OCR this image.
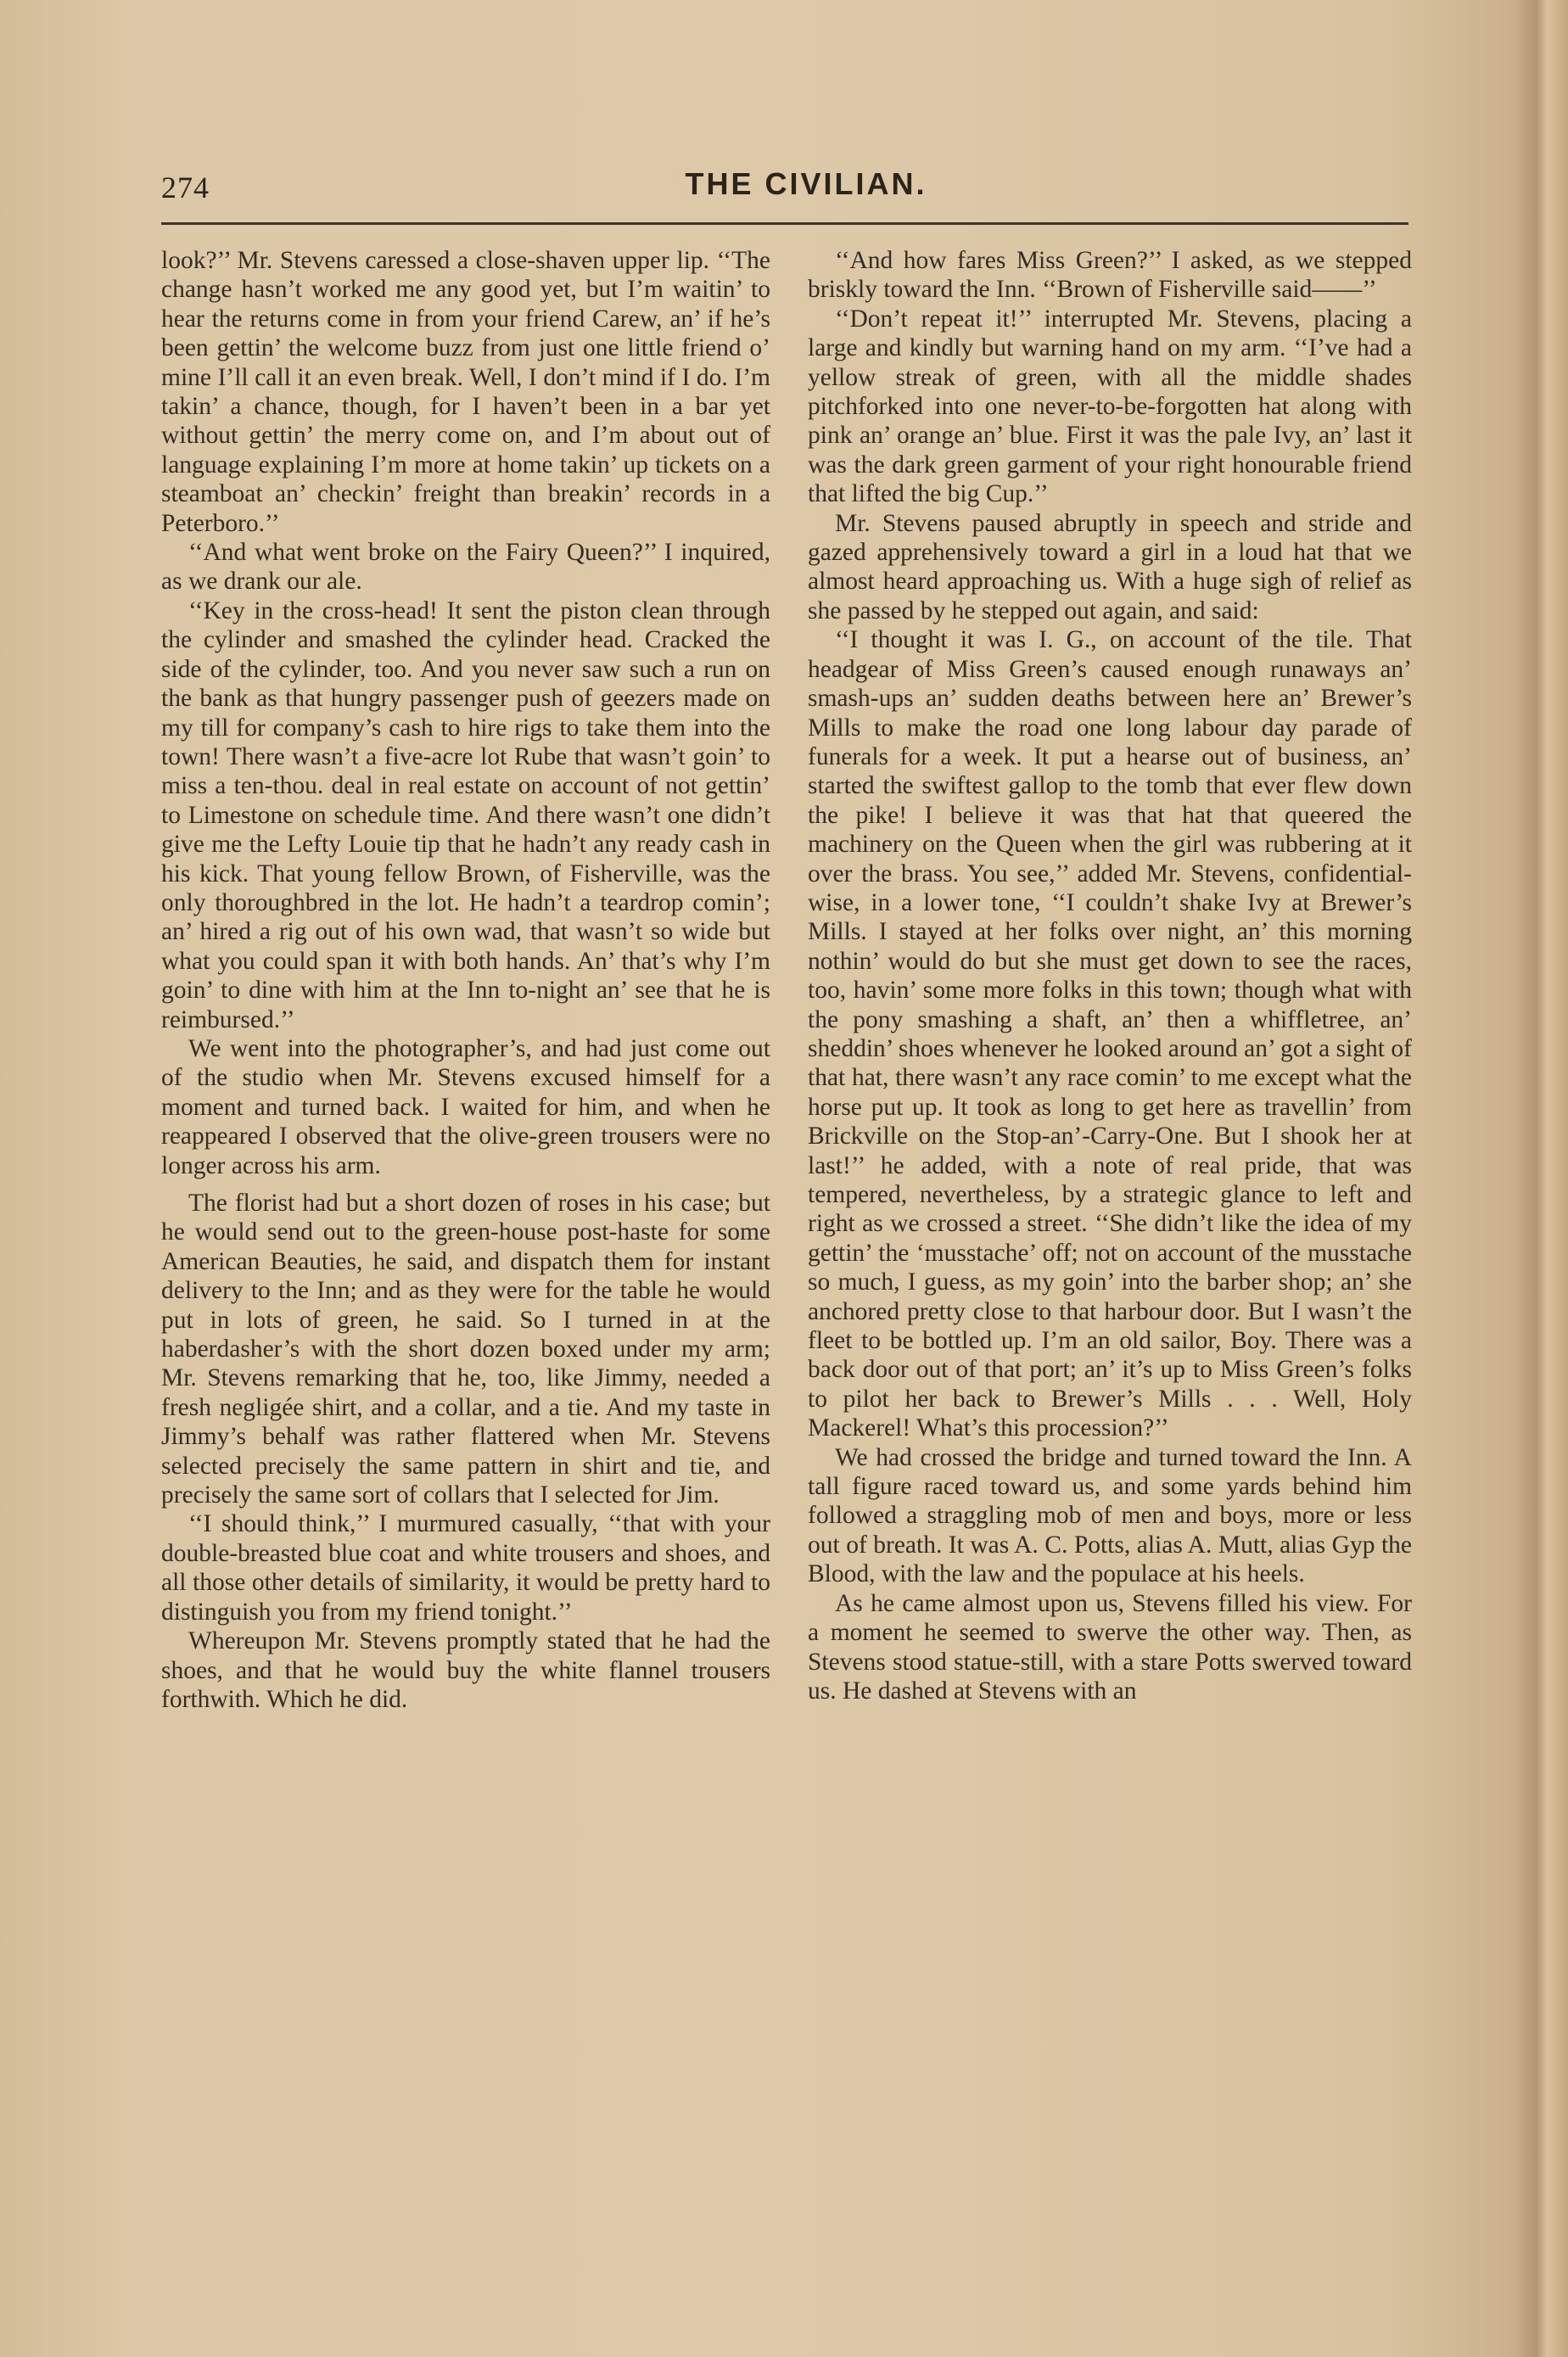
274	THE CIVILIAN.

look?’’ Mr. Stevens caressed a close-shaven upper lip. ‘‘The change hasn’t worked me any good yet, but I’m waitin’ to hear the returns come in from your friend Carew, an’ if he’s been gettin’ the welcome buzz from just one little friend o’ mine I’ll call it an even break. Well, I don’t mind if I do. I’m takin’ a chance, though, for I haven’t been in a bar yet without gettin’ the merry come on, and I’m about out of language explaining I’m more at home takin’ up tickets on a steamboat an’ checkin’ freight than breakin’ records in a Peterboro.’’

‘‘And what went broke on the Fairy Queen?’’ I inquired, as we drank our ale.

‘‘Key in the cross-head! It sent the piston clean through the cylinder and smashed the cylinder head. Cracked the side of the cylinder, too. And you never saw such a run on the bank as that hungry passenger push of geezers made on my till for company’s cash to hire rigs to take them into the town! There wasn’t a five-acre lot Rube that wasn’t goin’ to miss a ten-thou. deal in real estate on account of not gettin’ to Limestone on schedule time. And there wasn’t one didn’t give me the Lefty Louie tip that he hadn’t any ready cash in his kick. That young fellow Brown, of Fisherville, was the only thoroughbred in the lot. He hadn’t a teardrop comin’; an’ hired a rig out of his own wad, that wasn’t so wide but what you could span it with both hands. An’ that’s why I’m goin’ to dine with him at the Inn to-night an’ see that he is reimbursed.’’

We went into the photographer’s, and had just come out of the studio when Mr. Stevens excused himself for a moment and turned back. I waited for him, and when he reappeared I observed that the olive-green trousers were no longer across his arm.

The florist had but a short dozen of roses in his case; but he would send out to the green-house post-haste for some American Beauties, he said, and dispatch them for instant delivery to the Inn; and as they were for the table he would put in lots of green, he said. So I turned in at the haberdasher’s with the short dozen boxed under my arm; Mr. Stevens remarking that he, too, like Jimmy, needed a fresh negligée shirt, and a collar, and a tie. And my taste in Jimmy’s behalf was rather flattered when Mr. Stevens selected precisely the same pattern in shirt and tie, and precisely the same sort of collars that I selected for Jim.

‘‘I should think,’’ I murmured casually, ‘‘that with your double-breasted blue coat and white trousers and shoes, and all those other details of similarity, it would be pretty hard to distinguish you from my friend tonight.’’

Whereupon Mr. Stevens promptly stated that he had the shoes, and that he would buy the white flannel trousers forthwith. Which he did.

‘‘And how fares Miss Green?’’ I asked, as we stepped briskly toward the Inn. ‘‘Brown of Fisherville said——’’

‘‘Don’t repeat it!’’ interrupted Mr. Stevens, placing a large and kindly but warning hand on my arm. ‘‘I’ve had a yellow streak of green, with all the middle shades pitchforked into one never-to-be-forgotten hat along with pink an’ orange an’ blue. First it was the pale Ivy, an’ last it was the dark green garment of your right honourable friend that lifted the big Cup.’’

Mr. Stevens paused abruptly in speech and stride and gazed apprehensively toward a girl in a loud hat that we almost heard approaching us. With a huge sigh of relief as she passed by he stepped out again, and said:

‘‘I thought it was I. G., on account of the tile. That headgear of Miss Green’s caused enough runaways an’ smash-ups an’ sudden deaths between here an’ Brewer’s Mills to make the road one long labour day parade of funerals for a week. It put a hearse out of business, an’ started the swiftest gallop to the tomb that ever flew down the pike! I believe it was that hat that queered the machinery on the Queen when the girl was rubbering at it over the brass. You see,’’ added Mr. Stevens, confidential-wise, in a lower tone, ‘‘I couldn’t shake Ivy at Brewer’s Mills. I stayed at her folks over night, an’ this morning nothin’ would do but she must get down to see the races, too, havin’ some more folks in this town; though what with the pony smashing a shaft, an’ then a whiffletree, an’ sheddin’ shoes whenever he looked around an’ got a sight of that hat, there wasn’t any race comin’ to me except what the horse put up. It took as long to get here as travellin’ from Brickville on the Stop-an’-Carry-One. But I shook her at last!’’ he added, with a note of real pride, that was tempered, nevertheless, by a strategic glance to left and right as we crossed a street. ‘‘She didn’t like the idea of my gettin’ the ‘musstache’ off; not on account of the musstache so much, I guess, as my goin’ into the barber shop; an’ she anchored pretty close to that harbour door. But I wasn’t the fleet to be bottled up. I’m an old sailor, Boy. There was a back door out of that port; an’ it’s up to Miss Green’s folks to pilot her back to Brewer’s Mills . . . Well, Holy Mackerel! What’s this procession?’’

We had crossed the bridge and turned toward the Inn. A tall figure raced toward us, and some yards behind him followed a straggling mob of men and boys, more or less out of breath. It was A. C. Potts, alias A. Mutt, alias Gyp the Blood, with the law and the populace at his heels.

As he came almost upon us, Stevens filled his view. For a moment he seemed to swerve the other way. Then, as Stevens stood statue-still, with a stare Potts swerved toward us. He dashed at Stevens with an
